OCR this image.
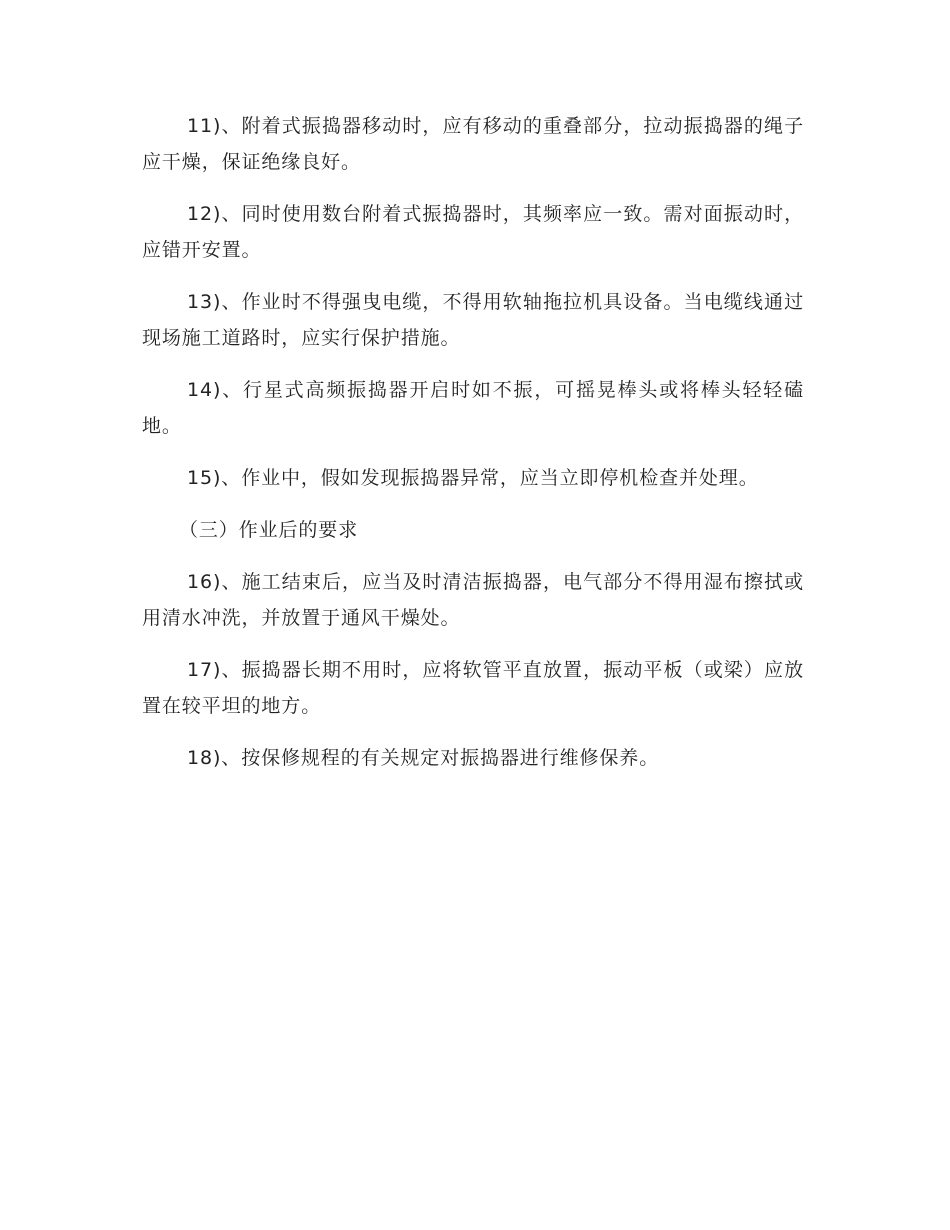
11)、附着式振捣器移动时，应有移动的重叠部分，拉动振捣器的绳子应干燥，保证绝缘良好。

12)、同时使用数台附着式振捣器时，其频率应一致。需对面振动时，应错开安置。

13)、作业时不得强曳电缆，不得用软轴拖拉机具设备。当电缆线通过现场施工道路时，应实行保护措施。

14)、行星式高频振捣器开启时如不振，可摇晃棒头或将棒头轻轻磕地。

15)、作业中，假如发现振捣器异常，应当立即停机检查并处理。

（三）作业后的要求

16)、施工结束后，应当及时清洁振捣器，电气部分不得用湿布擦拭或用清水冲洗，并放置于通风干燥处。

17)、振捣器长期不用时，应将软管平直放置，振动平板（或梁）应放置在较平坦的地方。

18)、按保修规程的有关规定对振捣器进行维修保养。
